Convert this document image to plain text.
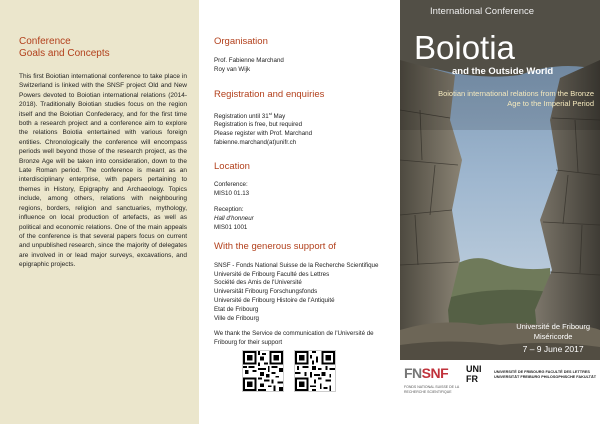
Conference
Goals and Concepts

This first Boiotian international conference to take place in Switzerland is linked with the SNSF project Old and New Powers devoted to Boiotian international relations (2014-2018). Traditionally Boiotian studies focus on the region itself and the Boiotian Confederacy, and for the first time both a research project and a conference aim to explore the relations Boiotia entertained with various foreign entities. Chronologically the conference will encompass periods well beyond those of the research project, as the Bronze Age will be taken into consideration, down to the Late Roman period. The conference is meant as an interdisciplinary enterprise, with papers pertaining to themes in History, Epigraphy and Archaeology. Topics include, among others, relations with neighbouring regions, borders, religion and sanctuaries, mythology, influence on local production of artefacts, as well as political and economic relations. One of the main appeals of the conference is that several papers focus on current and unpublished research, since the majority of delegates are involved in or lead major surveys, excavations, and epigraphic projects.

Organisation
Prof. Fabienne Marchand
Roy van Wijk
Registration and enquiries
Registration until 31st May
Registration is free, but required
Please register with Prof. Marchand
fabienne.marchand(at)unifr.ch
Location
Conference:
MIS10 01.13
Reception:
Hall d'honneur
MIS01 1001
With the generous support of
SNSF - Fonds National Suisse de la Recherche Scientifique
Université de Fribourg Faculté des Lettres
Société des Amis de l'Université
Universität Fribourg Forschungsfonds
Université de Fribourg Histoire de l'Antiquité
Etat de Fribourg
Ville de Fribourg
We thank the Service de communication de l'Université de Fribourg for their support
International Conference
Boiotia
and the Outside World
Boiotian international relations from the Bronze Age to the Imperial Period
Université de Fribourg
Miséricorde
7 – 9 June 2017
FNSNF
FONDS NATIONAL SUISSE DE LA RECHERCHE SCIENTIFIQUE
UNI FR
UNIVERSITÉ DE FRIBOURG FACULTÉ DES LETTRES
UNIVERSITÄT FREIBURG PHILOSOPHISCHE FAKULTÄT
